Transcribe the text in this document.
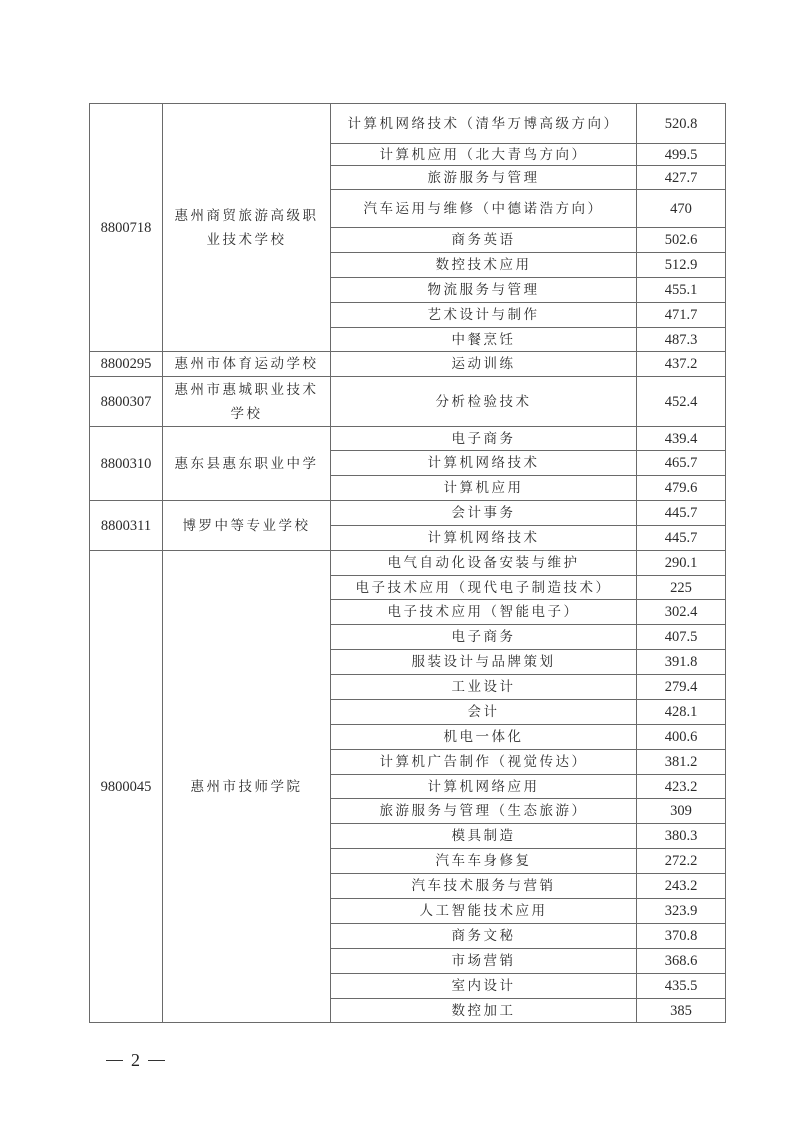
8800718	惠州商贸旅游高级职业技术学校	计算机网络技术（清华万博高级方向）	520.8
		计算机应用（北大青鸟方向）	499.5
		旅游服务与管理	427.7
		汽车运用与维修（中德诺浩方向）	470
		商务英语	502.6
		数控技术应用	512.9
		物流服务与管理	455.1
		艺术设计与制作	471.7
		中餐烹饪	487.3
8800295	惠州市体育运动学校	运动训练	437.2
8800307	惠州市惠城职业技术学校	分析检验技术	452.4
8800310	惠东县惠东职业中学	电子商务	439.4
		计算机网络技术	465.7
		计算机应用	479.6
8800311	博罗中等专业学校	会计事务	445.7
		计算机网络技术	445.7
9800045	惠州市技师学院	电气自动化设备安装与维护	290.1
		电子技术应用（现代电子制造技术）	225
		电子技术应用（智能电子）	302.4
		电子商务	407.5
		服装设计与品牌策划	391.8
		工业设计	279.4
		会计	428.1
		机电一体化	400.6
		计算机广告制作（视觉传达）	381.2
		计算机网络应用	423.2
		旅游服务与管理（生态旅游）	309
		模具制造	380.3
		汽车车身修复	272.2
		汽车技术服务与营销	243.2
		人工智能技术应用	323.9
		商务文秘	370.8
		市场营销	368.6
		室内设计	435.5
		数控加工	385
2
